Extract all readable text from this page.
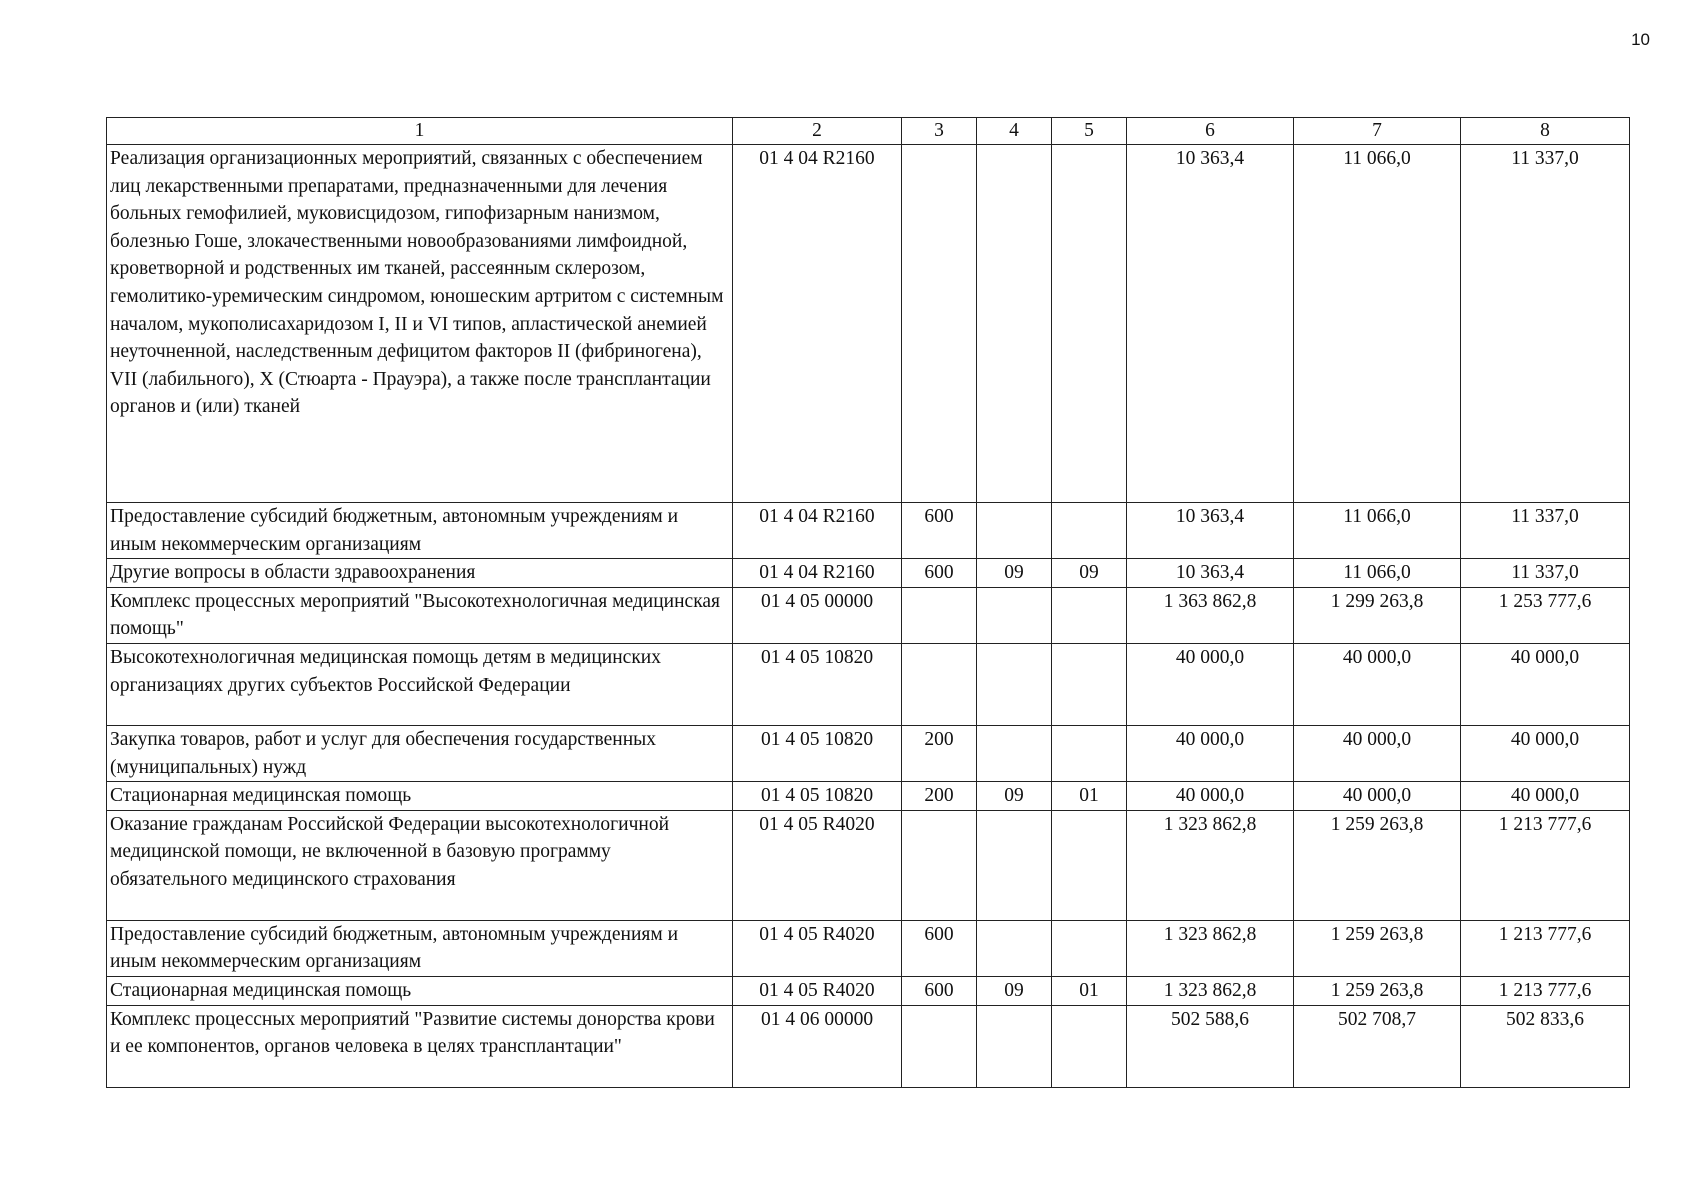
10
1	2	3	4	5	6	7	8
Реализация организационных мероприятий, связанных с обеспечением лиц лекарственными препаратами, предназначенными для лечения больных гемофилией, муковисцидозом, гипофизарным нанизмом, болезнью Гоше, злокачественными новообразованиями лимфоидной, кроветворной и родственных им тканей, рассеянным склерозом, гемолитико-уремическим синдромом, юношеским артритом с системным началом, мукополисахаридозом I, II и VI типов, апластической анемией неуточненной, наследственным дефицитом факторов II (фибриногена), VII (лабильного), X (Стюарта - Прауэра), а также после трансплантации органов и (или) тканей	01 4 04 R2160				10 363,4	11 066,0	11 337,0
Предоставление субсидий бюджетным, автономным учреждениям и иным некоммерческим организациям	01 4 04 R2160	600			10 363,4	11 066,0	11 337,0
Другие вопросы в области здравоохранения	01 4 04 R2160	600	09	09	10 363,4	11 066,0	11 337,0
Комплекс процессных мероприятий "Высокотехнологичная медицинская помощь"	01 4 05 00000				1 363 862,8	1 299 263,8	1 253 777,6
Высокотехнологичная медицинская помощь детям в медицинских организациях других субъектов Российской Федерации	01 4 05 10820				40 000,0	40 000,0	40 000,0
Закупка товаров, работ и услуг для обеспечения государственных (муниципальных) нужд	01 4 05 10820	200			40 000,0	40 000,0	40 000,0
Стационарная медицинская помощь	01 4 05 10820	200	09	01	40 000,0	40 000,0	40 000,0
Оказание гражданам Российской Федерации высокотехнологичной медицинской помощи, не включенной в базовую программу обязательного медицинского страхования	01 4 05 R4020				1 323 862,8	1 259 263,8	1 213 777,6
Предоставление субсидий бюджетным, автономным учреждениям и иным некоммерческим организациям	01 4 05 R4020	600			1 323 862,8	1 259 263,8	1 213 777,6
Стационарная медицинская помощь	01 4 05 R4020	600	09	01	1 323 862,8	1 259 263,8	1 213 777,6
Комплекс процессных мероприятий "Развитие системы донорства крови и ее компонентов, органов человека в целях трансплантации"	01 4 06 00000				502 588,6	502 708,7	502 833,6
